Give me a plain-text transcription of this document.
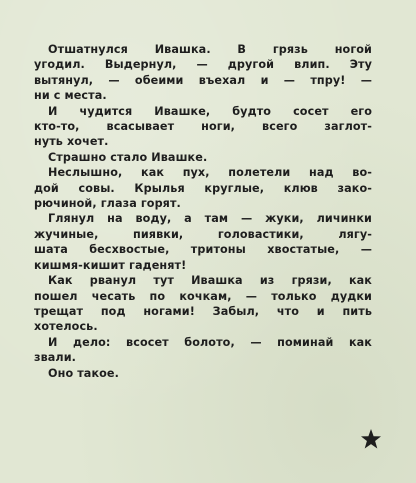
Отшатнулся Ивашка. В грязь ногой
угодил. Выдернул, — другой влип. Эту
вытянул, — обеими въехал и — тпру! —
ни с места.
И чудится Ивашке, будто сосет его
кто-то, всасывает ноги, всего заглот-
нуть хочет.
Страшно стало Ивашке.
Неслышно, как пух, полетели над во-
дой совы. Крылья круглые, клюв зако-
рючиной, глаза горят.
Глянул на воду, а там — жуки, личинки
жучиные, пиявки, головастики, лягу-
шата бесхвостые, тритоны хвостатые, —
кишмя-кишит гаденят!
Как рванул тут Ивашка из грязи, как
пошел чесать по кочкам, — только дудки
трещат под ногами! Забыл, что и пить
хотелось.
И дело: всосет болото, — поминай как
звали.
Оно такое.
